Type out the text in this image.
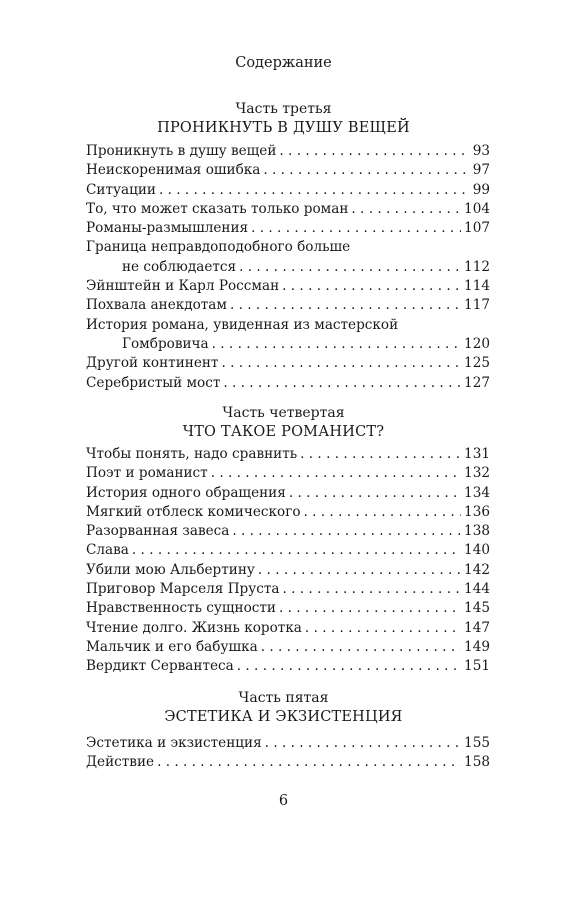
Содержание
Часть третья
ПРОНИКНУТЬ В ДУШУ ВЕЩЕЙ
Проникнуть в душу вещей . . .	93
Неискоренимая ошибка . . .	97
Ситуации . . .	99
То, что может сказать только роман . . .	104
Романы-размышления . . .	107
Граница неправдоподобного больше
не соблюдается . . .	112
Эйнштейн и Карл Россман . . .	114
Похвала анекдотам . . .	117
История романа, увиденная из мастерской
Гомбровича . . .	120
Другой континент . . .	125
Серебристый мост . . .	127
Часть четвертая
ЧТО ТАКОЕ РОМАНИСТ?
Чтобы понять, надо сравнить . . .	131
Поэт и романист . . .	132
История одного обращения . . .	134
Мягкий отблеск комического . . .	136
Разорванная завеса . . .	138
Слава . . .	140
Убили мою Альбертину . . .	142
Приговор Марселя Пруста . . .	144
Нравственность сущности . . .	145
Чтение долго. Жизнь коротка . . .	147
Мальчик и его бабушка . . .	149
Вердикт Сервантеса . . .	151
Часть пятая
ЭСТЕТИКА И ЭКЗИСТЕНЦИЯ
Эстетика и экзистенция . . .	155
Действие . . .	158
6
